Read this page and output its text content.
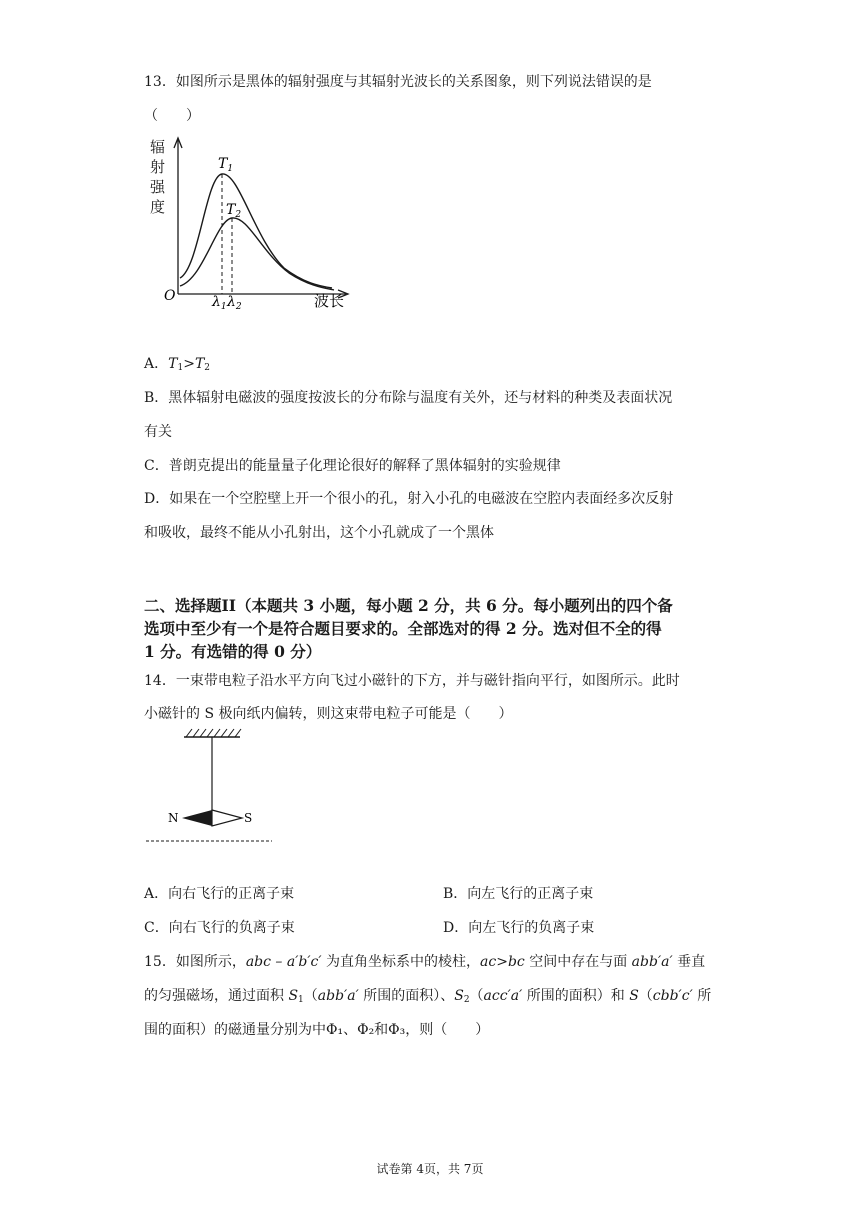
13．如图所示是黑体的辐射强度与其辐射光波长的关系图象，则下列说法错误的是
（　　）
辐
射
强
度
O	波长
$T_1$
$T_2$
$\lambda_1$ $\lambda_2$
A．$T_1>T_2$
B．黑体辐射电磁波的强度按波长的分布除与温度有关外，还与材料的种类及表面状况
有关
C．普朗克提出的能量量子化理论很好的解释了黑体辐射的实验规律
D．如果在一个空腔壁上开一个很小的孔，射入小孔的电磁波在空腔内表面经多次反射
和吸收，最终不能从小孔射出，这个小孔就成了一个黑体
二、选择题II（本题共 3 小题，每小题 2 分，共 6 分。每小题列出的四个备
选项中至少有一个是符合题目要求的。全部选对的得 2 分。选对但不全的得
1 分。有选错的得 0 分）
14．一束带电粒子沿水平方向飞过小磁针的下方，并与磁针指向平行，如图所示。此时
小磁针的 S 极向纸内偏转，则这束带电粒子可能是（　　）
N	S
A．向右飞行的正离子束	B．向左飞行的正离子束
C．向右飞行的负离子束	D．向左飞行的负离子束
15．如图所示，abc – a′b′c′ 为直角坐标系中的棱柱，ac>bc 空间中存在与面 abb′a′ 垂直
的匀强磁场，通过面积 $S_1(abb'a'$ 所围的面积）、$S_2(acc'a'$ 所围的面积）和 S（cbb′c′ 所
围的面积）的磁通量分别为中Φ₁、Φ₂和Φ₃，则（　　）
试卷第 4页，共 7页
